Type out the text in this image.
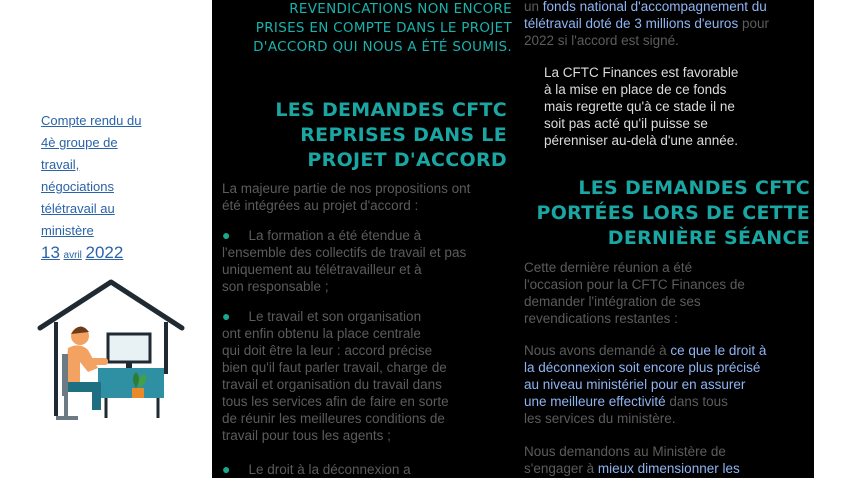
Compte rendu du
4è groupe de
travail,
négociations
télétravail au
ministère
13 avril 2022
REVENDICATIONS NON ENCORE
PRISES EN COMPTE DANS LE PROJET
D'ACCORD QUI NOUS A ÉTÉ SOUMIS.
LES DEMANDES CFTC
REPRISES DANS LE
PROJET D'ACCORD
La majeure partie de nos propositions ont
été intégrées au projet d'accord :
● La formation a été étendue à
l'ensemble des collectifs de travail et pas
uniquement au télétravailleur et à
son responsable ;
● Le travail et son organisation
ont enfin obtenu la place centrale
qui doit être la leur : accord précise
bien qu'il faut parler travail, charge de
travail et organisation du travail dans
tous les services afin de faire en sorte
de réunir les meilleures conditions de
travail pour tous les agents ;
● Le droit à la déconnexion a
un fonds national d'accompagnement du
télétravail doté de 3 millions d'euros pour
2022 si l'accord est signé.
La CFTC Finances est favorable
à la mise en place de ce fonds
mais regrette qu'à ce stade il ne
soit pas acté qu'il puisse se
pérenniser au-delà d'une année.
LES DEMANDES CFTC
PORTÉES LORS DE CETTE
DERNIÈRE SÉANCE
Cette dernière réunion a été
l'occasion pour la CFTC Finances de
demander l'intégration de ses
revendications restantes :
Nous avons demandé à ce que le droit à
la déconnexion soit encore plus précisé
au niveau ministériel pour en assurer
une meilleure effectivité dans tous
les services du ministère.
Nous demandons au Ministère de
s'engager à mieux dimensionner les
